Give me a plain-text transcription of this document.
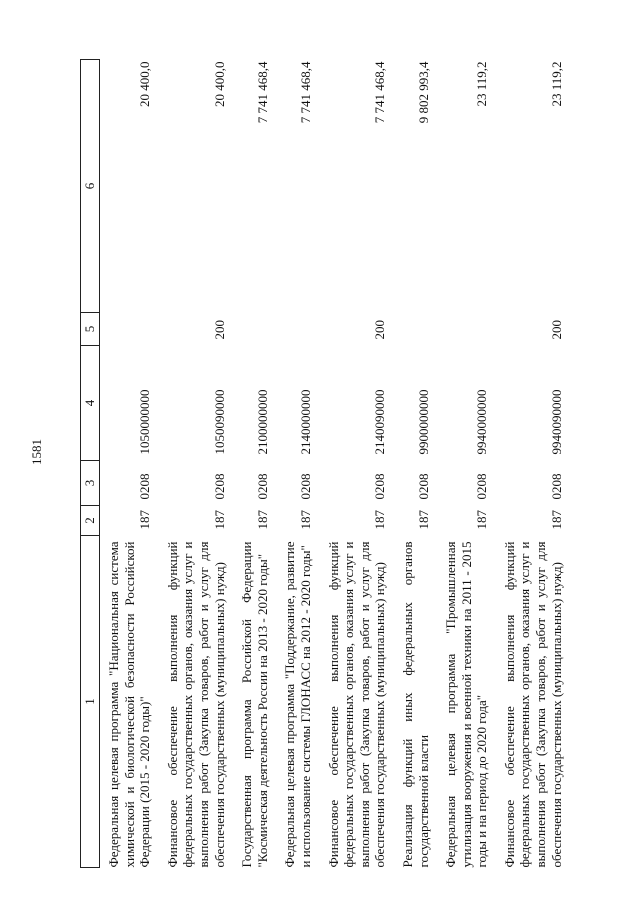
1581
1	2	3	4	5	6
Федеральная целевая программа "Национальная система химической и биологической безопасности Российской Федерации (2015 - 2020 годы)"	187	0208	1050000000		20 400,0
Финансовое обеспечение выполнения функций федеральных государственных органов, оказания услуг и выполнения работ (Закупка товаров, работ и услуг для обеспечения государственных (муниципальных) нужд)	187	0208	1050090000	200	20 400,0
Государственная программа Российской Федерации "Космическая деятельность России на 2013 - 2020 годы"	187	0208	2100000000		7 741 468,4
Федеральная целевая программа "Поддержание, развитие и использование системы ГЛОНАСС на 2012 - 2020 годы"	187	0208	2140000000		7 741 468,4
Финансовое обеспечение выполнения функций федеральных государственных органов, оказания услуг и выполнения работ (Закупка товаров, работ и услуг для обеспечения государственных (муниципальных) нужд)	187	0208	2140090000	200	7 741 468,4
Реализация функций иных федеральных органов государственной власти	187	0208	9900000000		9 802 993,4
Федеральная целевая программа "Промышленная утилизация вооружения и военной техники на 2011 - 2015 годы и на период до 2020 года"	187	0208	9940000000		23 119,2
Финансовое обеспечение выполнения функций федеральных государственных органов, оказания услуг и выполнения работ (Закупка товаров, работ и услуг для обеспечения государственных (муниципальных) нужд)	187	0208	9940090000	200	23 119,2
